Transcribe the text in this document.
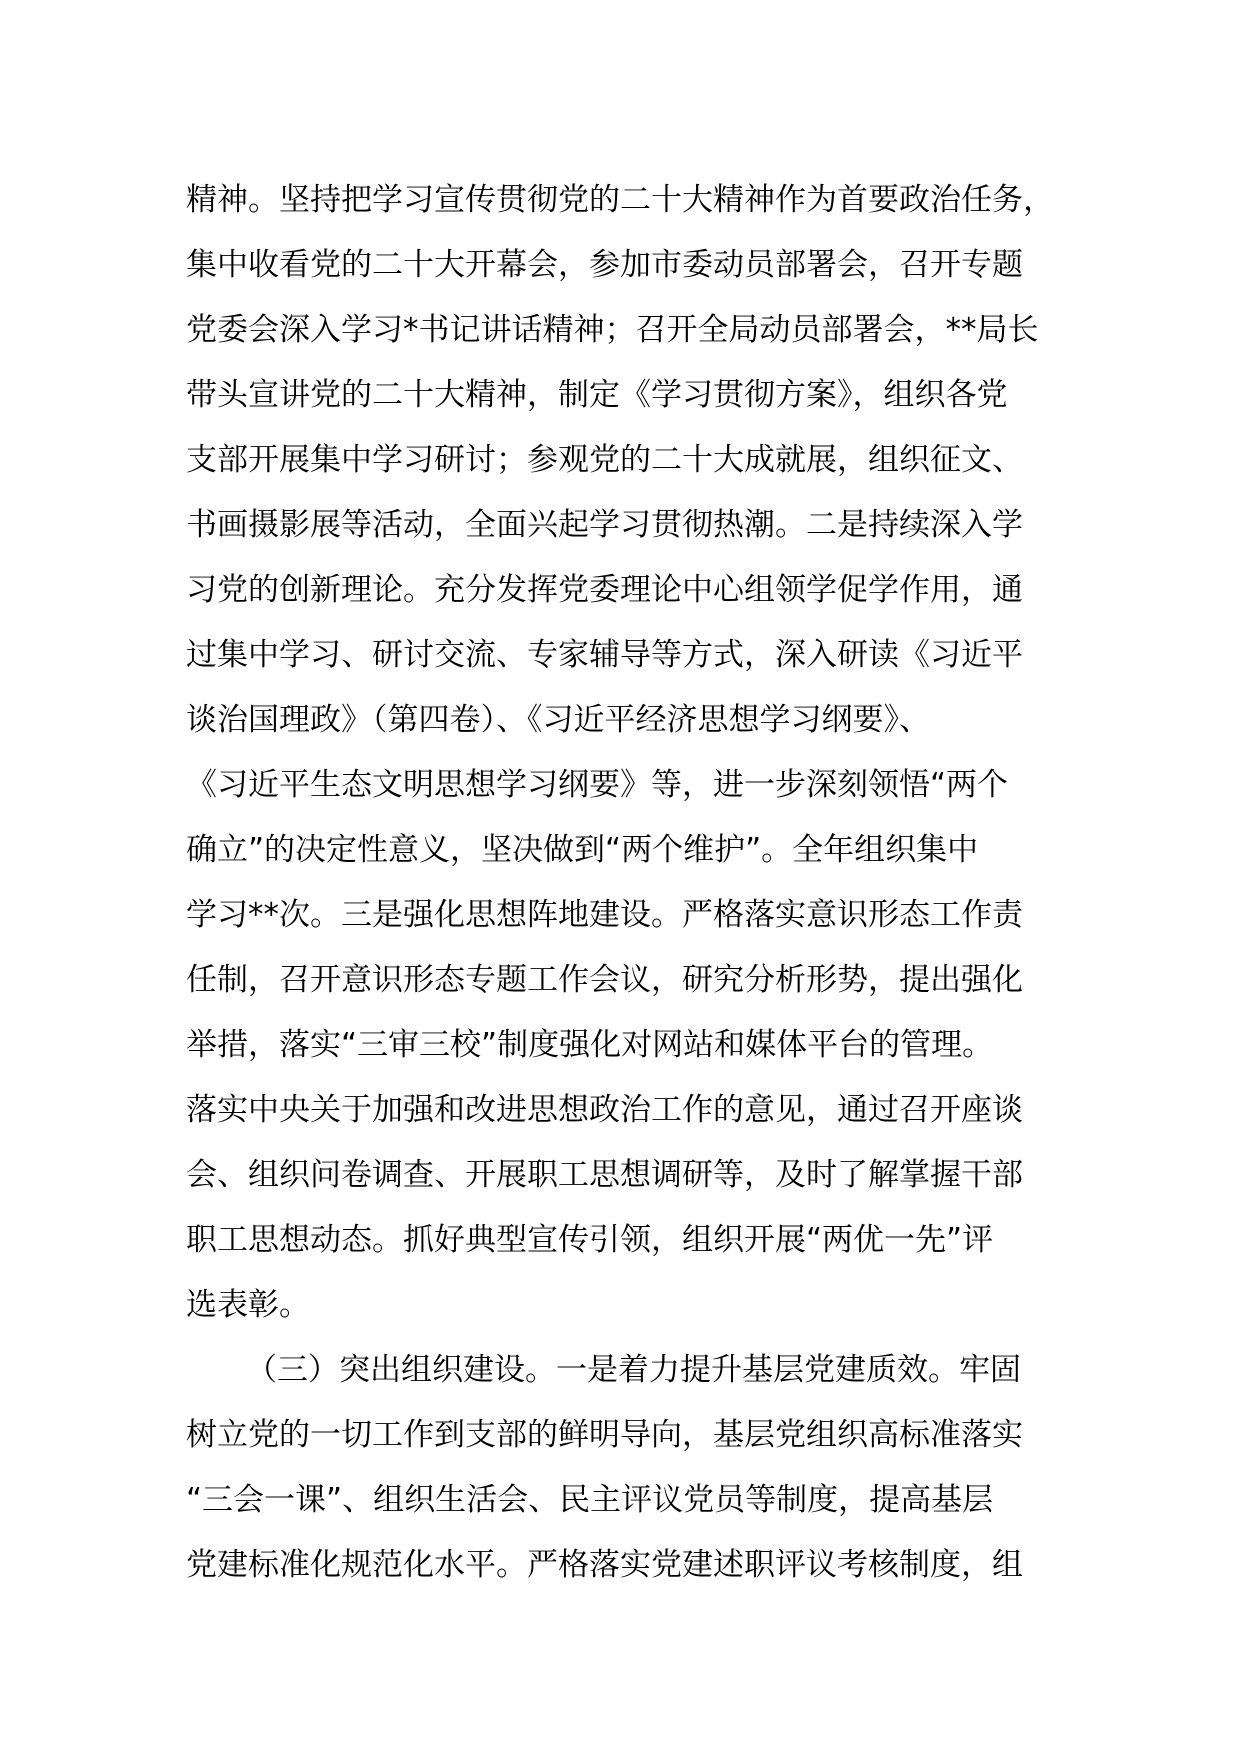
精神。坚持把学习宣传贯彻党的二十大精神作为首要政治任务，
集中收看党的二十大开幕会，参加市委动员部署会，召开专题
党委会深入学习*书记讲话精神；召开全局动员部署会，**局长
带头宣讲党的二十大精神，制定《学习贯彻方案》，组织各党
支部开展集中学习研讨；参观党的二十大成就展，组织征文、
书画摄影展等活动，全面兴起学习贯彻热潮。二是持续深入学
习党的创新理论。充分发挥党委理论中心组领学促学作用，通
过集中学习、研讨交流、专家辅导等方式，深入研读《习近平
谈治国理政》（第四卷）、《习近平经济思想学习纲要》、
《习近平生态文明思想学习纲要》等，进一步深刻领悟“两个
确立”的决定性意义，坚决做到“两个维护”。全年组织集中
学习**次。三是强化思想阵地建设。严格落实意识形态工作责
任制，召开意识形态专题工作会议，研究分析形势，提出强化
举措，落实“三审三校”制度强化对网站和媒体平台的管理。
落实中央关于加强和改进思想政治工作的意见，通过召开座谈
会、组织问卷调查、开展职工思想调研等，及时了解掌握干部
职工思想动态。抓好典型宣传引领，组织开展“两优一先”评
选表彰。
（三）突出组织建设。一是着力提升基层党建质效。牢固
树立党的一切工作到支部的鲜明导向，基层党组织高标准落实
“三会一课”、组织生活会、民主评议党员等制度，提高基层
党建标准化规范化水平。严格落实党建述职评议考核制度，组
